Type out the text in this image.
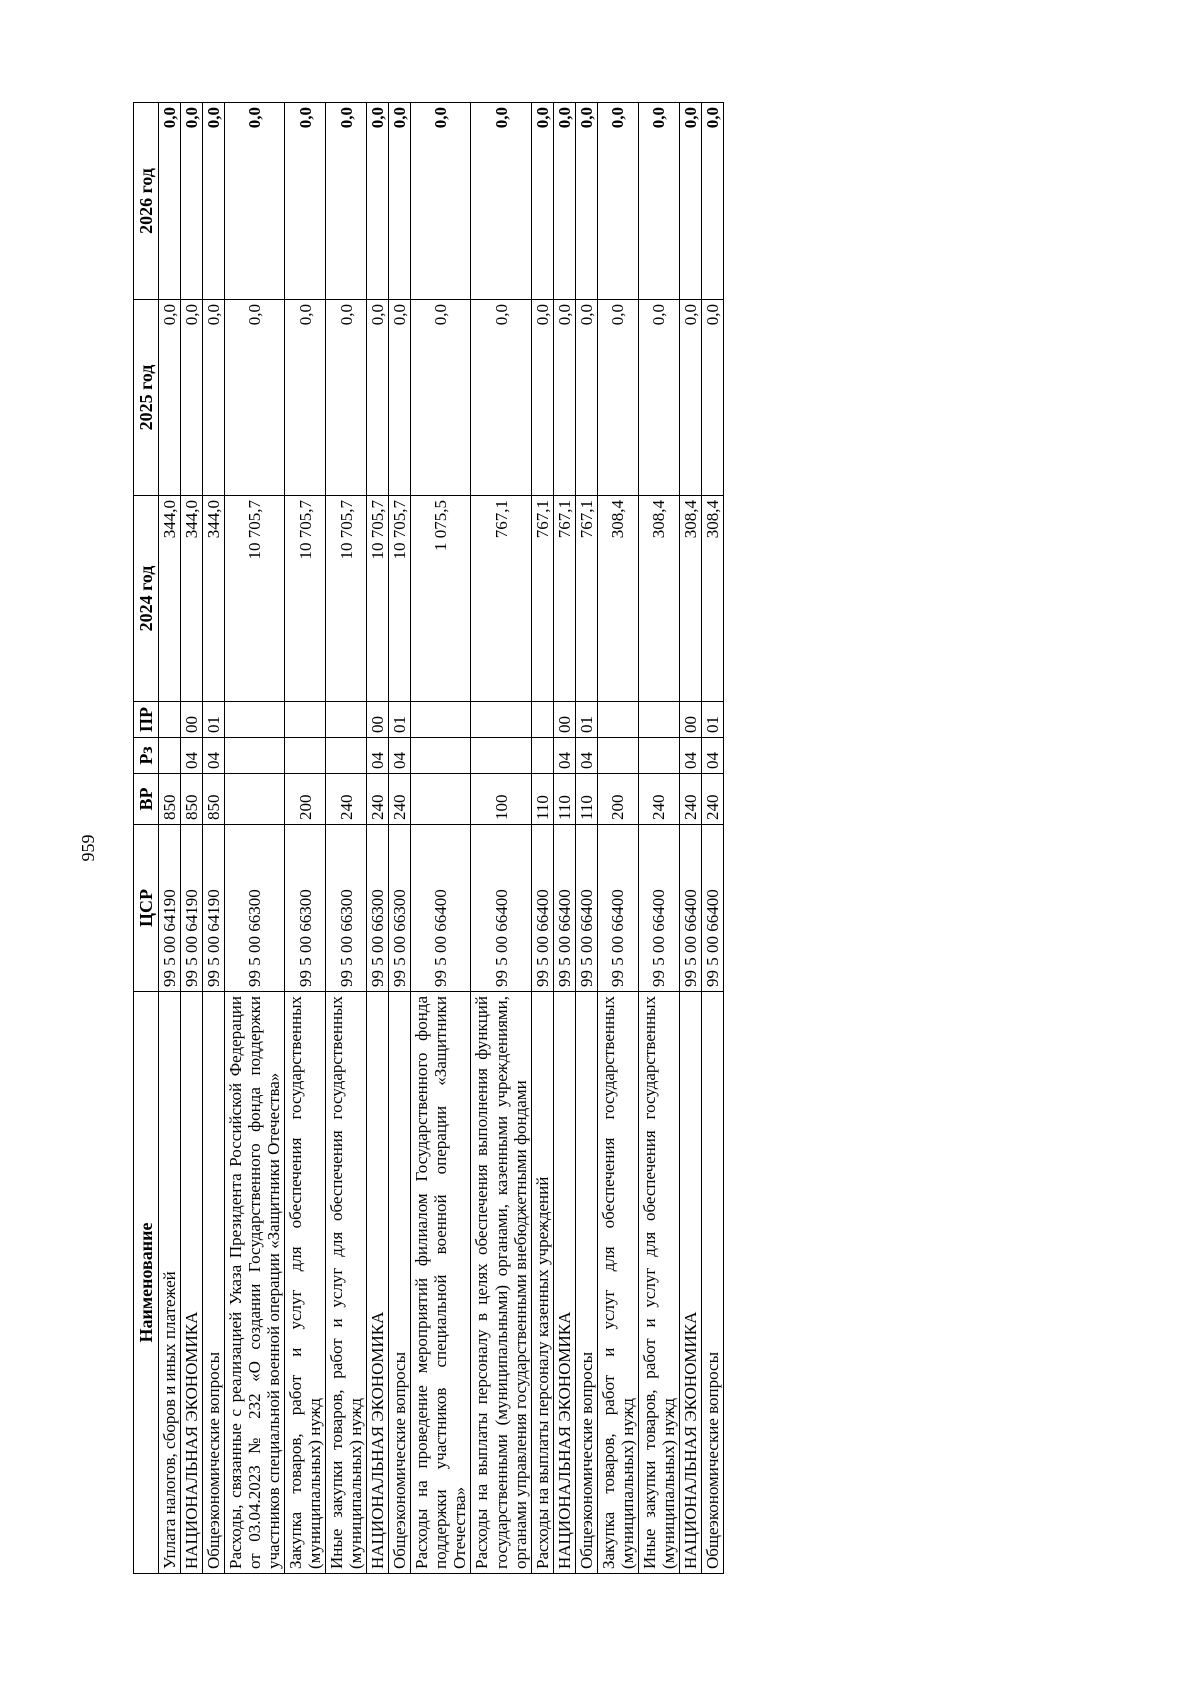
959
Наименование	ЦСР	ВР	Рз	ПР	2024 год	2025 год	2026 год
Уплата налогов, сборов и иных платежей	99 5 00 64190	850			344,0	0,0	0,0
НАЦИОНАЛЬНАЯ ЭКОНОМИКА	99 5 00 64190	850	04	00	344,0	0,0	0,0
Общеэкономические вопросы	99 5 00 64190	850	04	01	344,0	0,0	0,0
Расходы, связанные с реализацией Указа Президента Российской Федерации от 03.04.2023 № 232 «О создании Государственного фонда поддержки участников специальной военной операции «Защитники Отечества»	99 5 00 66300				10 705,7	0,0	0,0
Закупка товаров, работ и услуг для обеспечения государственных (муниципальных) нужд	99 5 00 66300	200			10 705,7	0,0	0,0
Иные закупки товаров, работ и услуг для обеспечения государственных (муниципальных) нужд	99 5 00 66300	240			10 705,7	0,0	0,0
НАЦИОНАЛЬНАЯ ЭКОНОМИКА	99 5 00 66300	240	04	00	10 705,7	0,0	0,0
Общеэкономические вопросы	99 5 00 66300	240	04	01	10 705,7	0,0	0,0
Расходы на проведение мероприятий филиалом Государственного фонда поддержки участников специальной военной операции «Защитники Отечества»	99 5 00 66400				1 075,5	0,0	0,0
Расходы на выплаты персоналу в целях обеспечения выполнения функций государственными (муниципальными) органами, казенными учреждениями, органами управления государственными внебюджетными фондами	99 5 00 66400	100			767,1	0,0	0,0
Расходы на выплаты персоналу казенных учреждений	99 5 00 66400	110			767,1	0,0	0,0
НАЦИОНАЛЬНАЯ ЭКОНОМИКА	99 5 00 66400	110	04	00	767,1	0,0	0,0
Общеэкономические вопросы	99 5 00 66400	110	04	01	767,1	0,0	0,0
Закупка товаров, работ и услуг для обеспечения государственных (муниципальных) нужд	99 5 00 66400	200			308,4	0,0	0,0
Иные закупки товаров, работ и услуг для обеспечения государственных (муниципальных) нужд	99 5 00 66400	240			308,4	0,0	0,0
НАЦИОНАЛЬНАЯ ЭКОНОМИКА	99 5 00 66400	240	04	00	308,4	0,0	0,0
Общеэкономические вопросы	99 5 00 66400	240	04	01	308,4	0,0	0,0
